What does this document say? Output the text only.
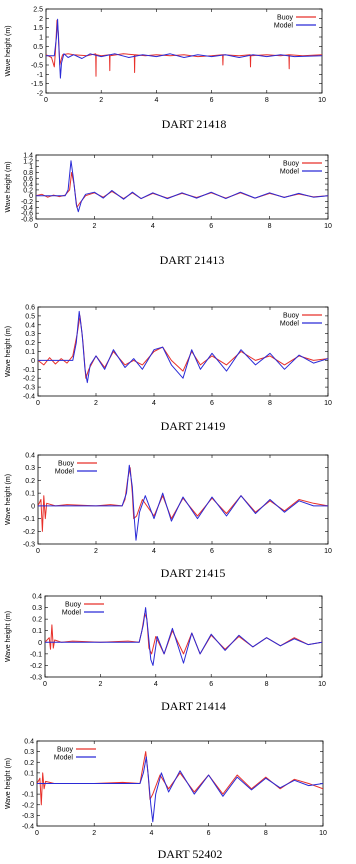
-2
-1.5
-1
-0.5
0
0.5
1
1.5
2
2.5
0	2	4	6	8	10
Wave height (m)
Buoy
Model
DART 21418
-0.8
-0.6
-0.4
-0.2
0
0.2
0.4
0.6
0.8
1
1.2
1.4
0	2	4	6	8	10
Wave height (m)	Buoy
Model
DART 21413
-0.4
-0.3
-0.2
-0.1
0
0.1
0.2
0.3
0.4
0.5
0.6
0	2	4	6	8	10
Wave height (m)
Buoy
Model
DART 21419
-0.3
-0.2
-0.1
0
0.1
0.2
0.3
0.4
0	2	4	6	8	10
Wave height (m)
Buoy
Model
DART 21415
-0.3
-0.2
-0.1
0
0.1
0.2
0.3
0.4
0	2	4	6	8	10
Wave height (m)
Buoy
Model
DART 21414
-0.4
-0.3
-0.2
-0.1
0
0.1
0.2
0.3
0.4
0	2	4	6	8	10
Wave height (m)
Buoy
Model
DART 52402
